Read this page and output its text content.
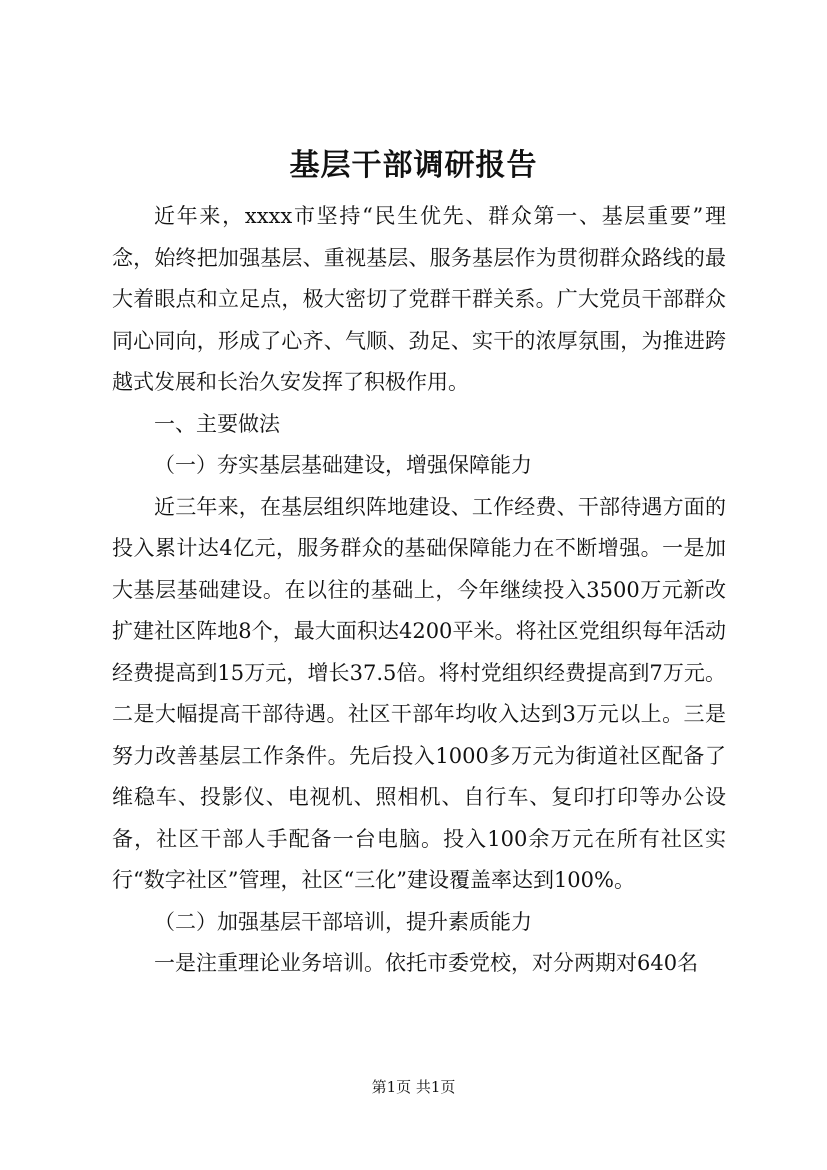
基层干部调研报告

近年来，xxxx市坚持“民生优先、群众第一、基层重要”理念，始终把加强基层、重视基层、服务基层作为贯彻群众路线的最大着眼点和立足点，极大密切了党群干群关系。广大党员干部群众同心同向，形成了心齐、气顺、劲足、实干的浓厚氛围，为推进跨越式发展和长治久安发挥了积极作用。

一、主要做法

（一）夯实基层基础建设，增强保障能力

近三年来，在基层组织阵地建设、工作经费、干部待遇方面的投入累计达4亿元，服务群众的基础保障能力在不断增强。一是加大基层基础建设。在以往的基础上，今年继续投入3500万元新改扩建社区阵地8个，最大面积达4200平米。将社区党组织每年活动经费提高到15万元，增长37.5倍。将村党组织经费提高到7万元。二是大幅提高干部待遇。社区干部年均收入达到3万元以上。三是努力改善基层工作条件。先后投入1000多万元为街道社区配备了维稳车、投影仪、电视机、照相机、自行车、复印打印等办公设备，社区干部人手配备一台电脑。投入100余万元在所有社区实行“数字社区”管理，社区“三化”建设覆盖率达到100%。

（二）加强基层干部培训，提升素质能力

一是注重理论业务培训。依托市委党校，对分两期对640名

第1页 共1页
